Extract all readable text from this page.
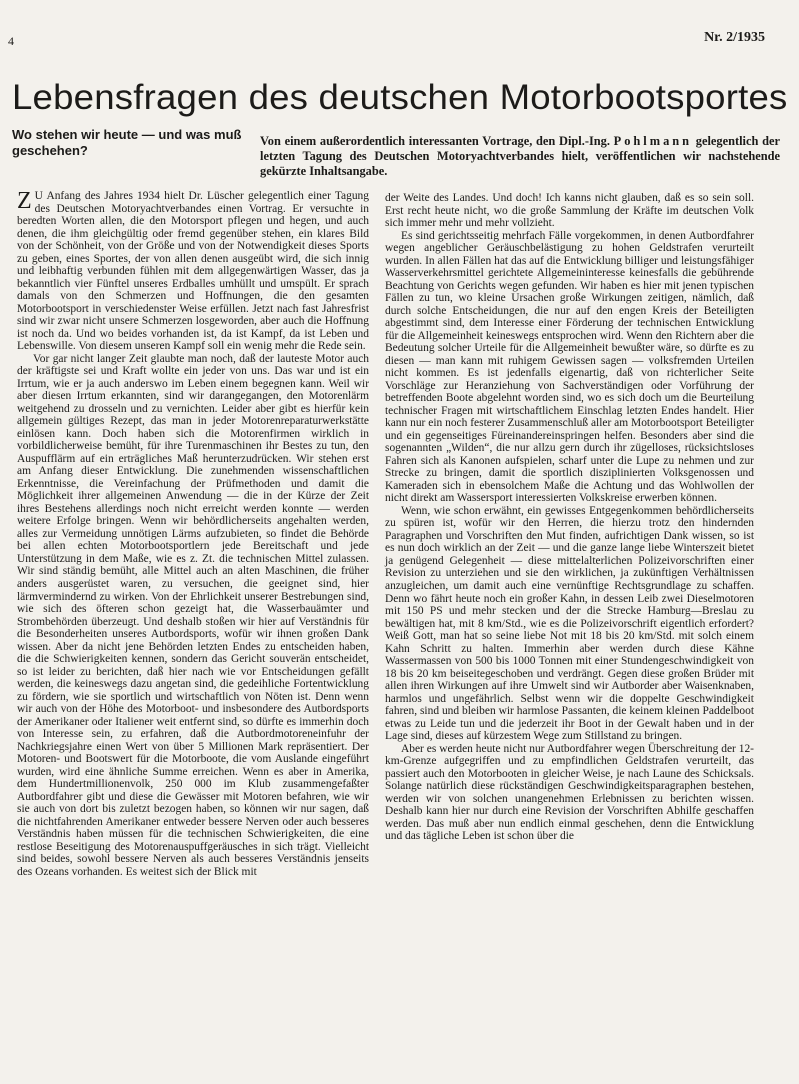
4	Nr. 2/1935
Lebensfragen des deutschen Motorbootsportes
Wo stehen wir heute — und was muß geschehen?
Von einem außerordentlich interessanten Vortrage, den Dipl.-Ing. Pohlmann gelegentlich der letzten Tagung des Deutschen Motoryachtverbandes hielt, veröffentlichen wir nachstehende gekürzte Inhaltsangabe.

Z U Anfang des Jahres 1934 hielt Dr. Lüscher gelegentlich einer Tagung des Deutschen Motoryachtverbandes einen Vortrag. Er versuchte in beredten Worten allen, die den Motorsport pflegen und hegen, und auch denen, die ihm gleichgültig oder fremd gegenüber stehen, ein klares Bild von der Schönheit, von der Größe und von der Notwendigkeit dieses Sports zu geben, eines Sportes, der von allen denen ausgeübt wird, die sich innig und leibhaftig verbunden fühlen mit dem allgegenwärtigen Wasser, das ja bekanntlich vier Fünftel unseres Erdballes umhüllt und umspült. Er sprach damals von den Schmerzen und Hoffnungen, die den gesamten Motorbootsport in verschiedenster Weise erfüllen. Jetzt nach fast Jahresfrist sind wir zwar nicht unsere Schmerzen losgeworden, aber auch die Hoffnung ist noch da. Und wo beides vorhanden ist, da ist Kampf, da ist Leben und Lebenswille. Von diesem unseren Kampf soll ein wenig mehr die Rede sein.

Vor gar nicht langer Zeit glaubte man noch, daß der lauteste Motor auch der kräftigste sei und Kraft wollte ein jeder von uns. Das war und ist ein Irrtum, wie er ja auch anderswo im Leben einem begegnen kann. Weil wir aber diesen Irrtum erkannten, sind wir darangegangen, den Motorenlärm weitgehend zu drosseln und zu vernichten. Leider aber gibt es hierfür kein allgemein gültiges Rezept, das man in jeder Motorenreparaturwerkstätte einlösen kann. Doch haben sich die Motorenfirmen wirklich in vorbildlicherweise bemüht, für ihre Turenmaschinen ihr Bestes zu tun, den Auspufflärm auf ein erträgliches Maß herunterzudrücken. Wir stehen erst am Anfang dieser Entwicklung. Die zunehmenden wissenschaftlichen Erkenntnisse, die Vereinfachung der Prüfmethoden und damit die Möglichkeit ihrer allgemeinen Anwendung — die in der Kürze der Zeit ihres Bestehens allerdings noch nicht erreicht werden konnte — werden weitere Erfolge bringen. Wenn wir behördlicherseits angehalten werden, alles zur Vermeidung unnötigen Lärms aufzubieten, so findet die Behörde bei allen echten Motorbootsportlern jede Bereitschaft und jede Unterstützung in dem Maße, wie es z. Zt. die technischen Mittel zulassen. Wir sind ständig bemüht, alle Mittel auch an alten Maschinen, die früher anders ausgerüstet waren, zu versuchen, die geeignet sind, hier lärmvermindernd zu wirken. Von der Ehrlichkeit unserer Bestrebungen sind, wie sich des öfteren schon gezeigt hat, die Wasserbauämter und Strombehörden überzeugt. Und deshalb stoßen wir hier auf Verständnis für die Besonderheiten unseres Autbordsports, wofür wir ihnen großen Dank wissen. Aber da nicht jene Behörden letzten Endes zu entscheiden haben, die die Schwierigkeiten kennen, sondern das Gericht souverän entscheidet, so ist leider zu berichten, daß hier nach wie vor Entscheidungen gefällt werden, die keineswegs dazu angetan sind, die gedeihliche Fortentwicklung zu fördern, wie sie sportlich und wirtschaftlich von Nöten ist. Denn wenn wir auch von der Höhe des Motorboot- und insbesondere des Autbordsports der Amerikaner oder Italiener weit entfernt sind, so dürfte es immerhin doch von Interesse sein, zu erfahren, daß die Autbordmotoreneinfuhr der Nachkriegsjahre einen Wert von über 5 Millionen Mark repräsentiert. Der Motoren- und Bootswert für die Motorboote, die vom Auslande eingeführt wurden, wird eine ähnliche Summe erreichen. Wenn es aber in Amerika, dem Hundertmillionenvolk, 250 000 im Klub zusammengefaßter Autbordfahrer gibt und diese die Gewässer mit Motoren befahren, wie wir sie auch von dort bis zuletzt bezogen haben, so können wir nur sagen, daß die nichtfahrenden Amerikaner entweder bessere Nerven oder auch besseres Verständnis haben müssen für die technischen Schwierigkeiten, die eine restlose Beseitigung des Motorenauspuffgeräusches in sich trägt. Vielleicht sind beides, sowohl bessere Nerven als auch besseres Verständnis jenseits des Ozeans vorhanden. Es weitest sich der Blick mit

der Weite des Landes. Und doch! Ich kanns nicht glauben, daß es so sein soll. Erst recht heute nicht, wo die große Sammlung der Kräfte im deutschen Volk sich immer mehr und mehr vollzieht.

Es sind gerichtsseitig mehrfach Fälle vorgekommen, in denen Autbordfahrer wegen angeblicher Geräuschbelästigung zu hohen Geldstrafen verurteilt wurden. In allen Fällen hat das auf die Entwicklung billiger und leistungsfähiger Wasserverkehrsmittel gerichtete Allgemeininteresse keinesfalls die gebührende Beachtung von Gerichts wegen gefunden. Wir haben es hier mit jenen typischen Fällen zu tun, wo kleine Ursachen große Wirkungen zeitigen, nämlich, daß durch solche Entscheidungen, die nur auf den engen Kreis der Beteiligten abgestimmt sind, dem Interesse einer Förderung der technischen Entwicklung für die Allgemeinheit keineswegs entsprochen wird. Wenn den Richtern aber die Bedeutung solcher Urteile für die Allgemeinheit bewußter wäre, so dürfte es zu diesen — man kann mit ruhigem Gewissen sagen — volksfremden Urteilen nicht kommen. Es ist jedenfalls eigenartig, daß von richterlicher Seite Vorschläge zur Heranziehung von Sachverständigen oder Vorführung der betreffenden Boote abgelehnt worden sind, wo es sich doch um die Beurteilung technischer Fragen mit wirtschaftlichem Einschlag letzten Endes handelt. Hier kann nur ein noch festerer Zusammenschluß aller am Motorbootsport Beteiligter und ein gegenseitiges Füreinandereinspringen helfen. Besonders aber sind die sogenannten „Wilden“, die nur allzu gern durch ihr zügelloses, rücksichtsloses Fahren sich als Kanonen aufspielen, scharf unter die Lupe zu nehmen und zur Strecke zu bringen, damit die sportlich disziplinierten Volksgenossen und Kameraden sich in ebensolchem Maße die Achtung und das Wohlwollen der nicht direkt am Wassersport interessierten Volkskreise erwerben können.

Wenn, wie schon erwähnt, ein gewisses Entgegenkommen behördlicherseits zu spüren ist, wofür wir den Herren, die hierzu trotz den hindernden Paragraphen und Vorschriften den Mut finden, aufrichtigen Dank wissen, so ist es nun doch wirklich an der Zeit — und die ganze lange liebe Winterszeit bietet ja genügend Gelegenheit — diese mittelalterlichen Polizeivorschriften einer Revision zu unterziehen und sie den wirklichen, ja zukünftigen Verhältnissen anzugleichen, um damit auch eine vernünftige Rechtsgrundlage zu schaffen. Denn wo fährt heute noch ein großer Kahn, in dessen Leib zwei Dieselmotoren mit 150 PS und mehr stecken und der die Strecke Hamburg—Breslau zu bewältigen hat, mit 8 km/Std., wie es die Polizeivorschrift eigentlich erfordert? Weiß Gott, man hat so seine liebe Not mit 18 bis 20 km/Std. mit solch einem Kahn Schritt zu halten. Immerhin aber werden durch diese Kähne Wassermassen von 500 bis 1000 Tonnen mit einer Stundengeschwindigkeit von 18 bis 20 km beiseitegeschoben und verdrängt. Gegen diese großen Brüder mit allen ihren Wirkungen auf ihre Umwelt sind wir Autborder aber Waisenknaben, harmlos und ungefährlich. Selbst wenn wir die doppelte Geschwindigkeit fahren, sind und bleiben wir harmlose Passanten, die keinem kleinen Paddelboot etwas zu Leide tun und die jederzeit ihr Boot in der Gewalt haben und in der Lage sind, dieses auf kürzestem Wege zum Stillstand zu bringen.

Aber es werden heute nicht nur Autbordfahrer wegen Überschreitung der 12-km-Grenze aufgegriffen und zu empfindlichen Geldstrafen verurteilt, das passiert auch den Motorbooten in gleicher Weise, je nach Laune des Schicksals. Solange natürlich diese rückständigen Geschwindigkeitsparagraphen bestehen, werden wir von solchen unangenehmen Erlebnissen zu berichten wissen. Deshalb kann hier nur durch eine Revision der Vorschriften Abhilfe geschaffen werden. Das muß aber nun endlich einmal geschehen, denn die Entwicklung und das tägliche Leben ist schon über die
